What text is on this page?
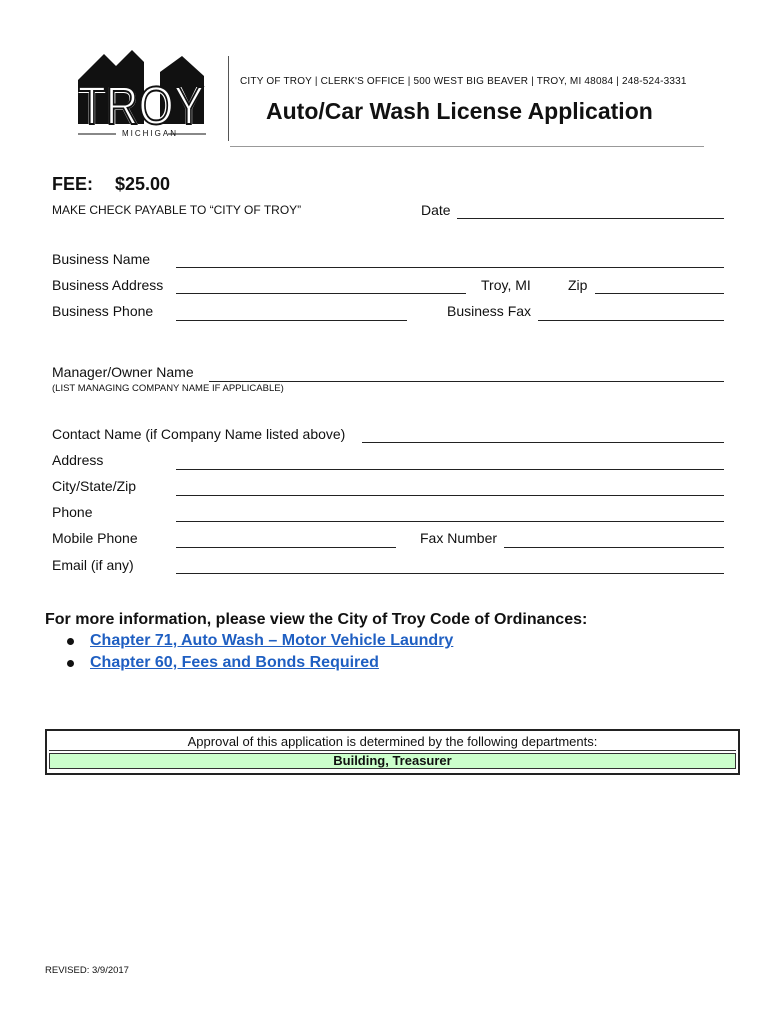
TROY
TROY
MICHIGAN
CITY OF TROY | CLERK'S OFFICE | 500 WEST BIG BEAVER | TROY, MI 48084 | 248-524-3331
Auto/Car Wash License Application
FEE: $25.00
MAKE CHECK PAYABLE TO “CITY OF TROY”	Date
Business Name
Business Address	Troy, MI	Zip
Business Phone	Business Fax
Manager/Owner Name
(LIST MANAGING COMPANY NAME IF APPLICABLE)
Contact Name (if Company Name listed above)
Address
City/State/Zip
Phone
Mobile Phone	Fax Number
Email (if any)
For more information, please view the City of Troy Code of Ordinances:
Chapter 71, Auto Wash – Motor Vehicle Laundry
Chapter 60, Fees and Bonds Required
Approval of this application is determined by the following departments:
Building, Treasurer
REVISED: 3/9/2017
